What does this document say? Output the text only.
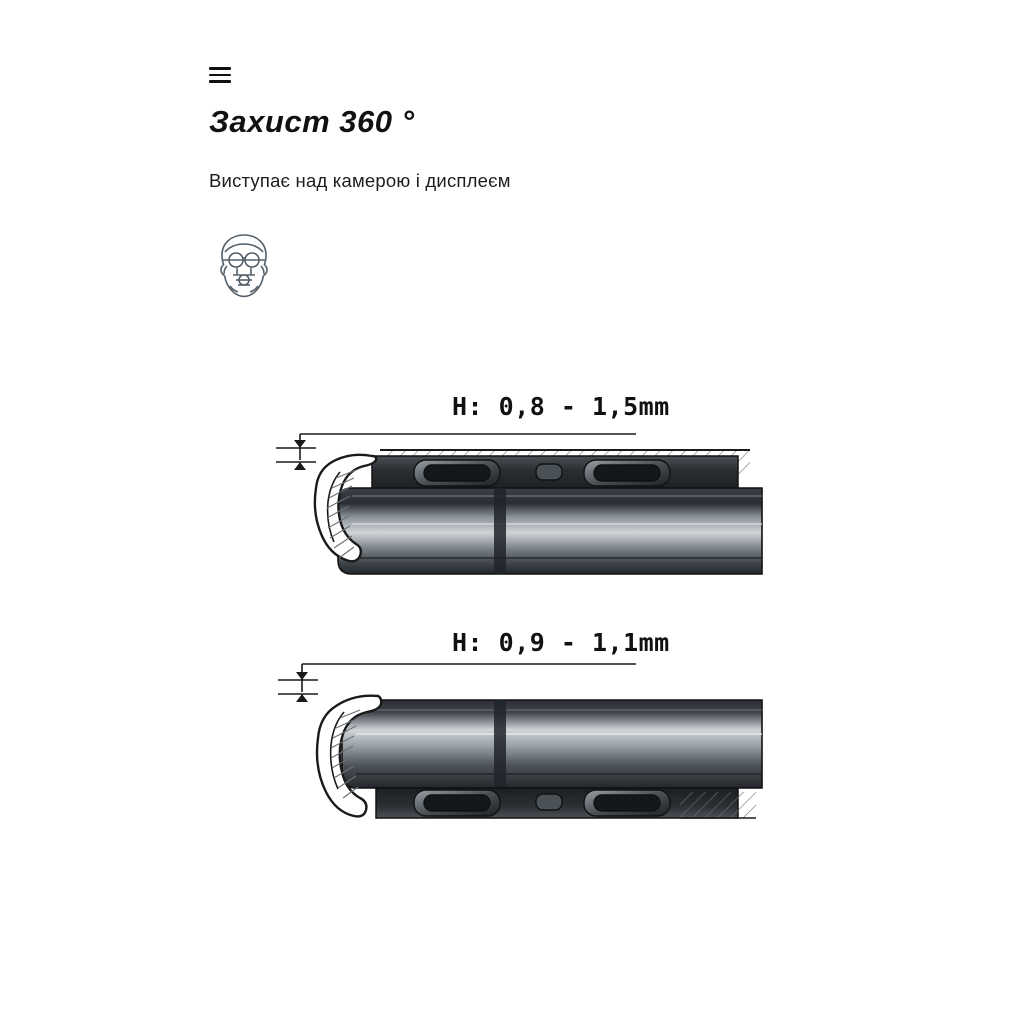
Захист 360 °
Виступає над камерою і дисплеєм
H: 0,8 - 1,5mm
H: 0,9 - 1,1mm
